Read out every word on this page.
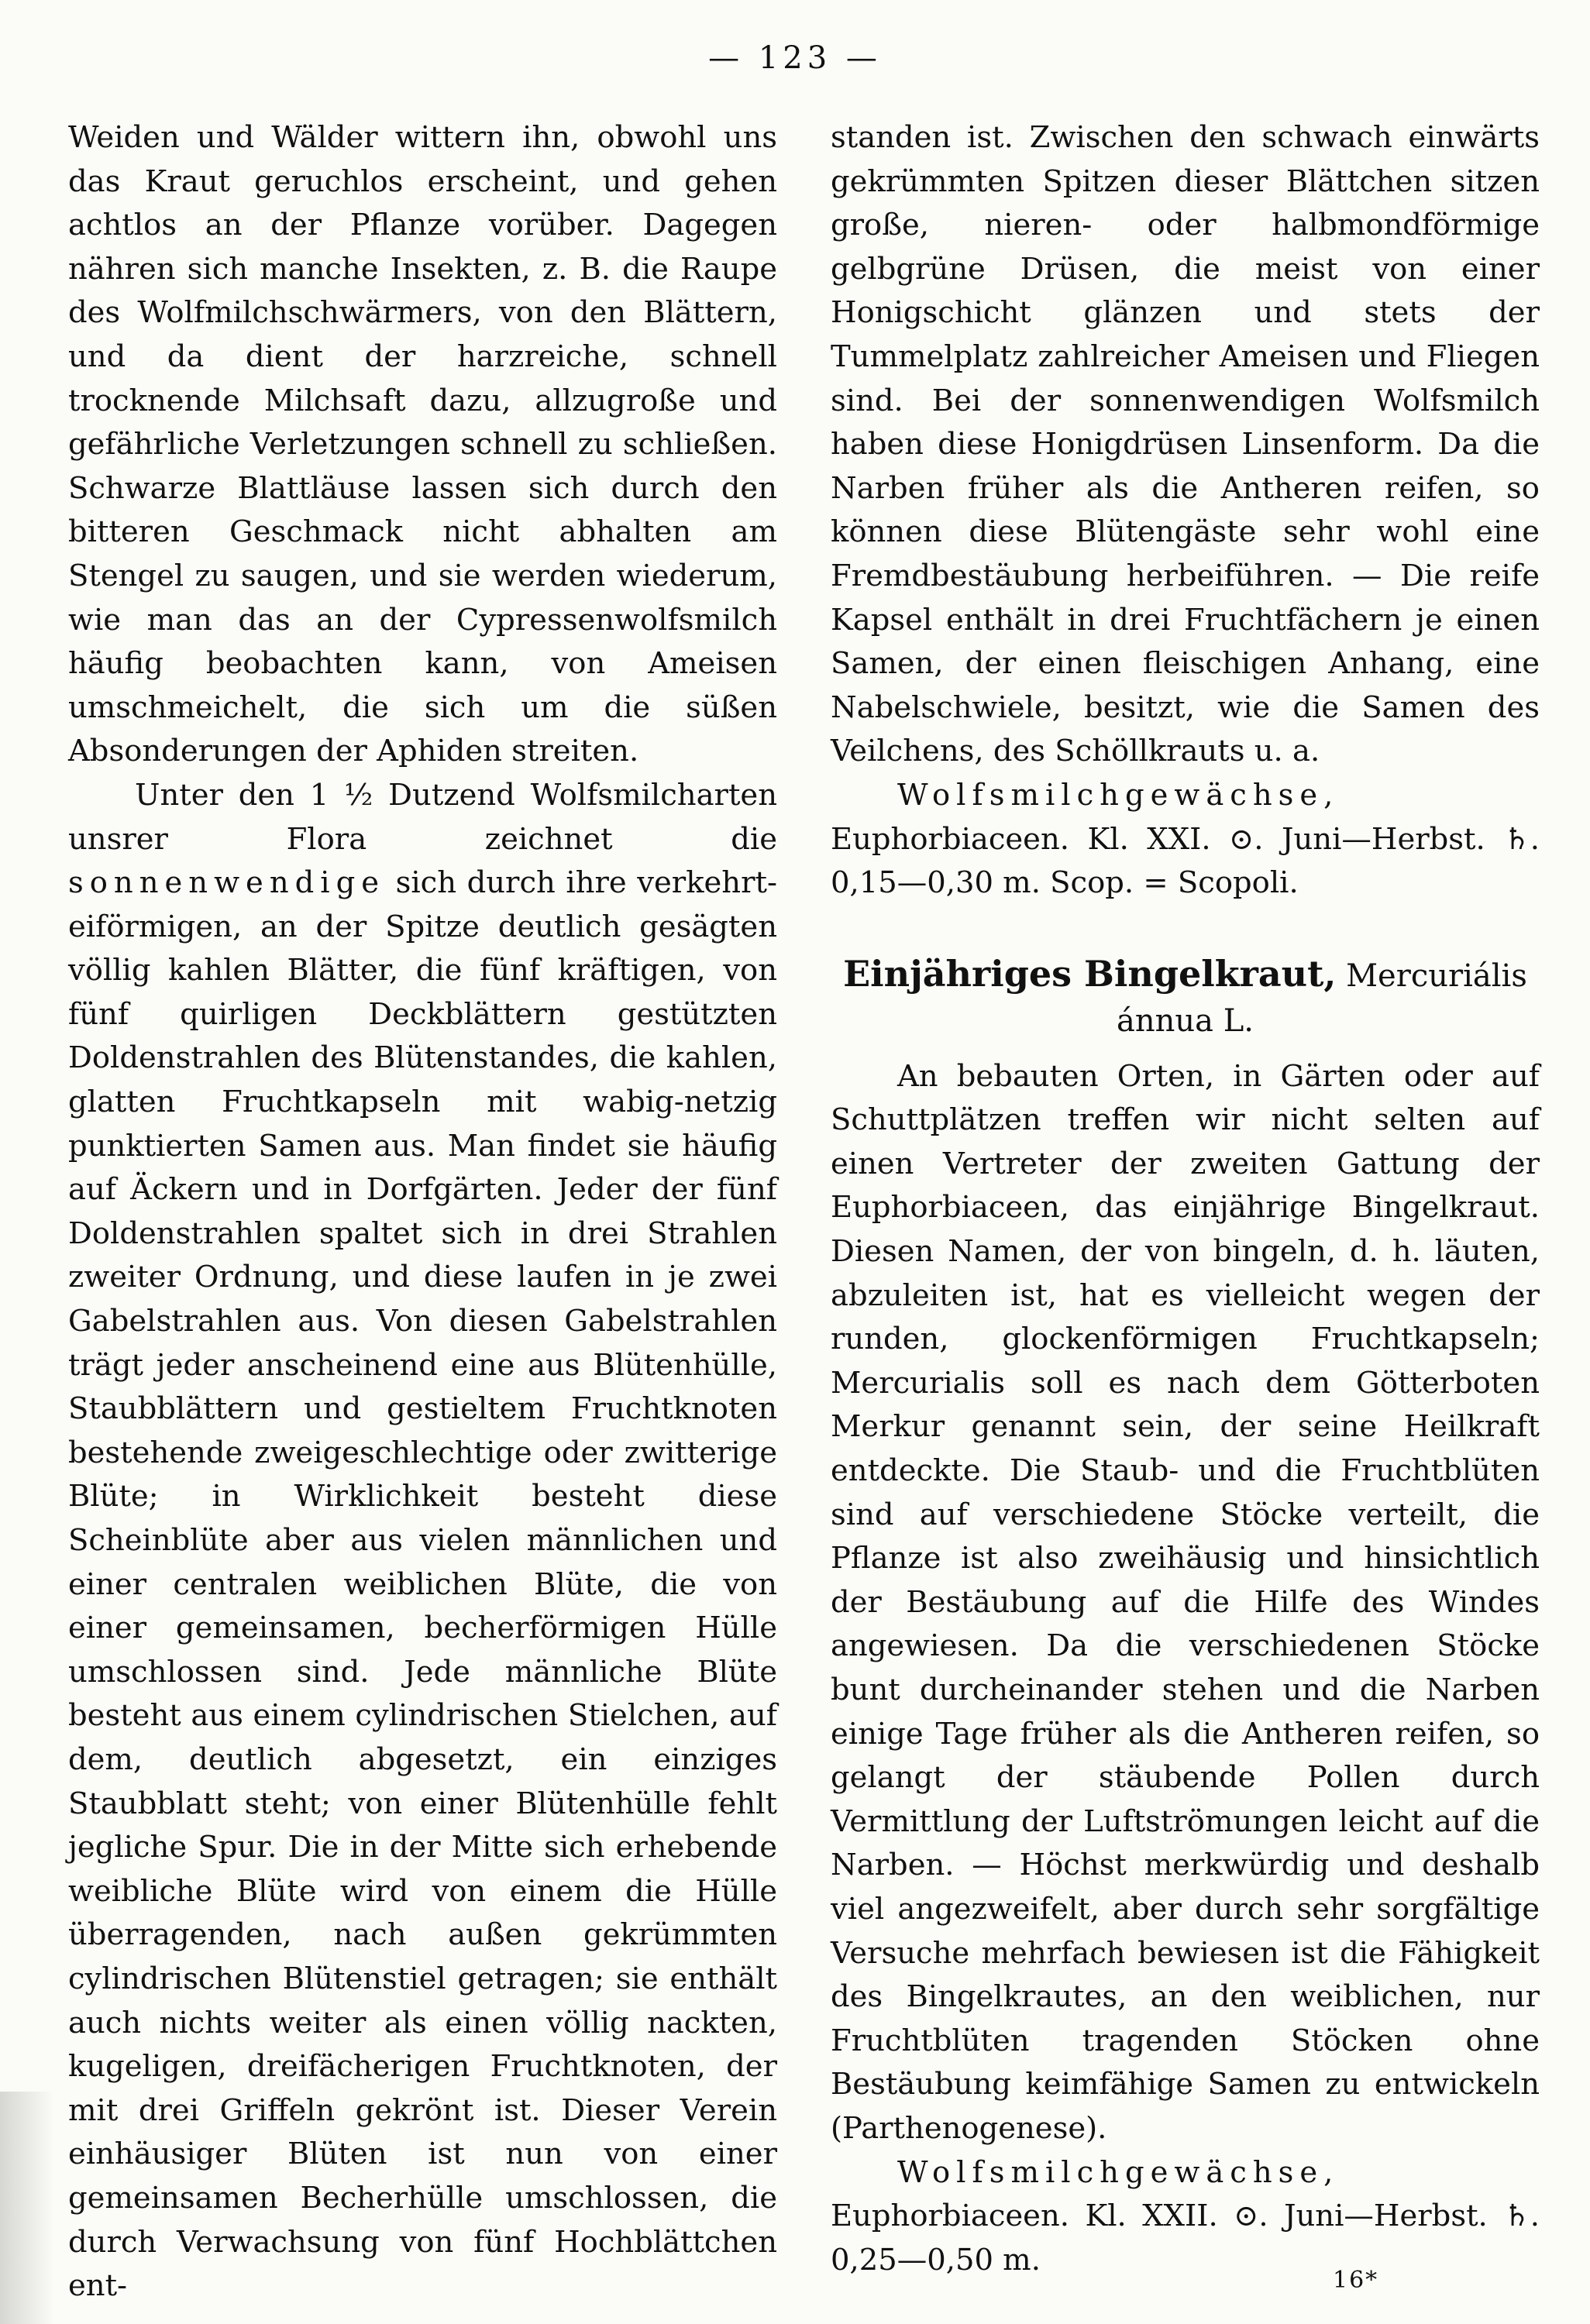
— 123 —

Weiden und Wälder wittern ihn, obwohl uns das Kraut geruchlos erscheint, und gehen achtlos an der Pflanze vorüber. Dagegen nähren sich manche Insekten, z. B. die Raupe des Wolfmilchschwärmers, von den Blättern, und da dient der harzreiche, schnell trocknende Milchsaft dazu, allzugroße und gefährliche Verletzungen schnell zu schließen. Schwarze Blattläuse lassen sich durch den bitteren Geschmack nicht abhalten am Stengel zu saugen, und sie werden wiederum, wie man das an der Cypressenwolfsmilch häufig beobachten kann, von Ameisen umschmeichelt, die sich um die süßen Absonderungen der Aphiden streiten.

Unter den 1 ½ Dutzend Wolfsmilcharten unsrer Flora zeichnet die sonnenwendige sich durch ihre verkehrt-eiförmigen, an der Spitze deutlich gesägten völlig kahlen Blätter, die fünf kräftigen, von fünf quirligen Deckblättern gestützten Doldenstrahlen des Blütenstandes, die kahlen, glatten Fruchtkapseln mit wabig-netzig punktierten Samen aus. Man findet sie häufig auf Äckern und in Dorfgärten. Jeder der fünf Doldenstrahlen spaltet sich in drei Strahlen zweiter Ordnung, und diese laufen in je zwei Gabelstrahlen aus. Von diesen Gabelstrahlen trägt jeder anscheinend eine aus Blütenhülle, Staubblättern und gestieltem Fruchtknoten bestehende zweigeschlechtige oder zwitterige Blüte; in Wirklichkeit besteht diese Scheinblüte aber aus vielen männlichen und einer centralen weiblichen Blüte, die von einer gemeinsamen, becherförmigen Hülle umschlossen sind. Jede männliche Blüte besteht aus einem cylindrischen Stielchen, auf dem, deutlich abgesetzt, ein einziges Staubblatt steht; von einer Blütenhülle fehlt jegliche Spur. Die in der Mitte sich erhebende weibliche Blüte wird von einem die Hülle überragenden, nach außen gekrümmten cylindrischen Blütenstiel getragen; sie enthält auch nichts weiter als einen völlig nackten, kugeligen, dreifächerigen Fruchtknoten, der mit drei Griffeln gekrönt ist. Dieser Verein einhäusiger Blüten ist nun von einer gemeinsamen Becherhülle umschlossen, die durch Verwachsung von fünf Hochblättchen ent-

standen ist. Zwischen den schwach einwärts gekrümmten Spitzen dieser Blättchen sitzen große, nieren- oder halbmondförmige gelbgrüne Drüsen, die meist von einer Honigschicht glänzen und stets der Tummelplatz zahlreicher Ameisen und Fliegen sind. Bei der sonnenwendigen Wolfsmilch haben diese Honigdrüsen Linsenform. Da die Narben früher als die Antheren reifen, so können diese Blütengäste sehr wohl eine Fremdbestäubung herbeiführen. — Die reife Kapsel enthält in drei Fruchtfächern je einen Samen, der einen fleischigen Anhang, eine Nabelschwiele, besitzt, wie die Samen des Veilchens, des Schöllkrauts u. a.

Wolfsmilchgewächse, Euphorbiaceen. Kl. XXI. ⊙. Juni—Herbst. ♄. 0,15—0,30 m. Scop. = Scopoli.

Einjähriges Bingelkraut, Mercuriális
ánnua L.

An bebauten Orten, in Gärten oder auf Schuttplätzen treffen wir nicht selten auf einen Vertreter der zweiten Gattung der Euphorbiaceen, das einjährige Bingelkraut. Diesen Namen, der von bingeln, d. h. läuten, abzuleiten ist, hat es vielleicht wegen der runden, glockenförmigen Fruchtkapseln; Mercurialis soll es nach dem Götterboten Merkur genannt sein, der seine Heilkraft entdeckte. Die Staub- und die Fruchtblüten sind auf verschiedene Stöcke verteilt, die Pflanze ist also zweihäusig und hinsichtlich der Bestäubung auf die Hilfe des Windes angewiesen. Da die verschiedenen Stöcke bunt durcheinander stehen und die Narben einige Tage früher als die Antheren reifen, so gelangt der stäubende Pollen durch Vermittlung der Luftströmungen leicht auf die Narben. — Höchst merkwürdig und deshalb viel angezweifelt, aber durch sehr sorgfältige Versuche mehrfach bewiesen ist die Fähigkeit des Bingelkrautes, an den weiblichen, nur Fruchtblüten tragenden Stöcken ohne Bestäubung keimfähige Samen zu entwickeln (Parthenogenese).

Wolfsmilchgewächse, Euphorbiaceen. Kl. XXII. ⊙. Juni—Herbst. ♄. 0,25—0,50 m.

16*
